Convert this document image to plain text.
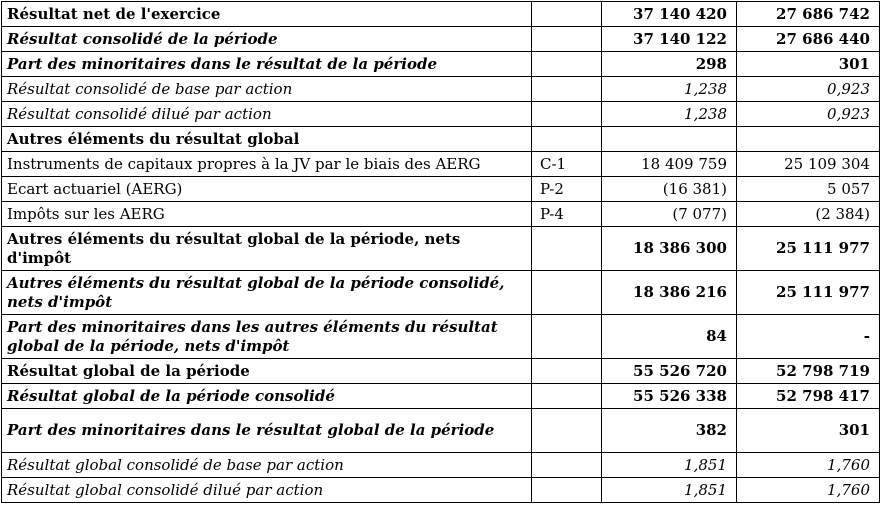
Résultat net de l'exercice		37 140 420	27 686 742
Résultat consolidé de la période		37 140 122	27 686 440
Part des minoritaires dans le résultat de la période		298	301
Résultat consolidé de base par action		1,238	0,923
Résultat consolidé dilué par action		1,238	0,923
Autres éléments du résultat global			
Instruments de capitaux propres à la JV par le biais des AERG	C-1	18 409 759	25 109 304
Ecart actuariel (AERG)	P-2	(16 381)	5 057
Impôts sur les AERG	P-4	(7 077)	(2 384)
Autres éléments du résultat global de la période, nets d'impôt		18 386 300	25 111 977
Autres éléments du résultat global de la période consolidé, nets d'impôt		18 386 216	25 111 977
Part des minoritaires dans les autres éléments du résultat global de la période, nets d'impôt		84	-
Résultat global de la période		55 526 720	52 798 719
Résultat global de la période consolidé		55 526 338	52 798 417
Part des minoritaires dans le résultat global de la période		382	301
Résultat global consolidé de base par action		1,851	1,760
Résultat global consolidé dilué par action		1,851	1,760
